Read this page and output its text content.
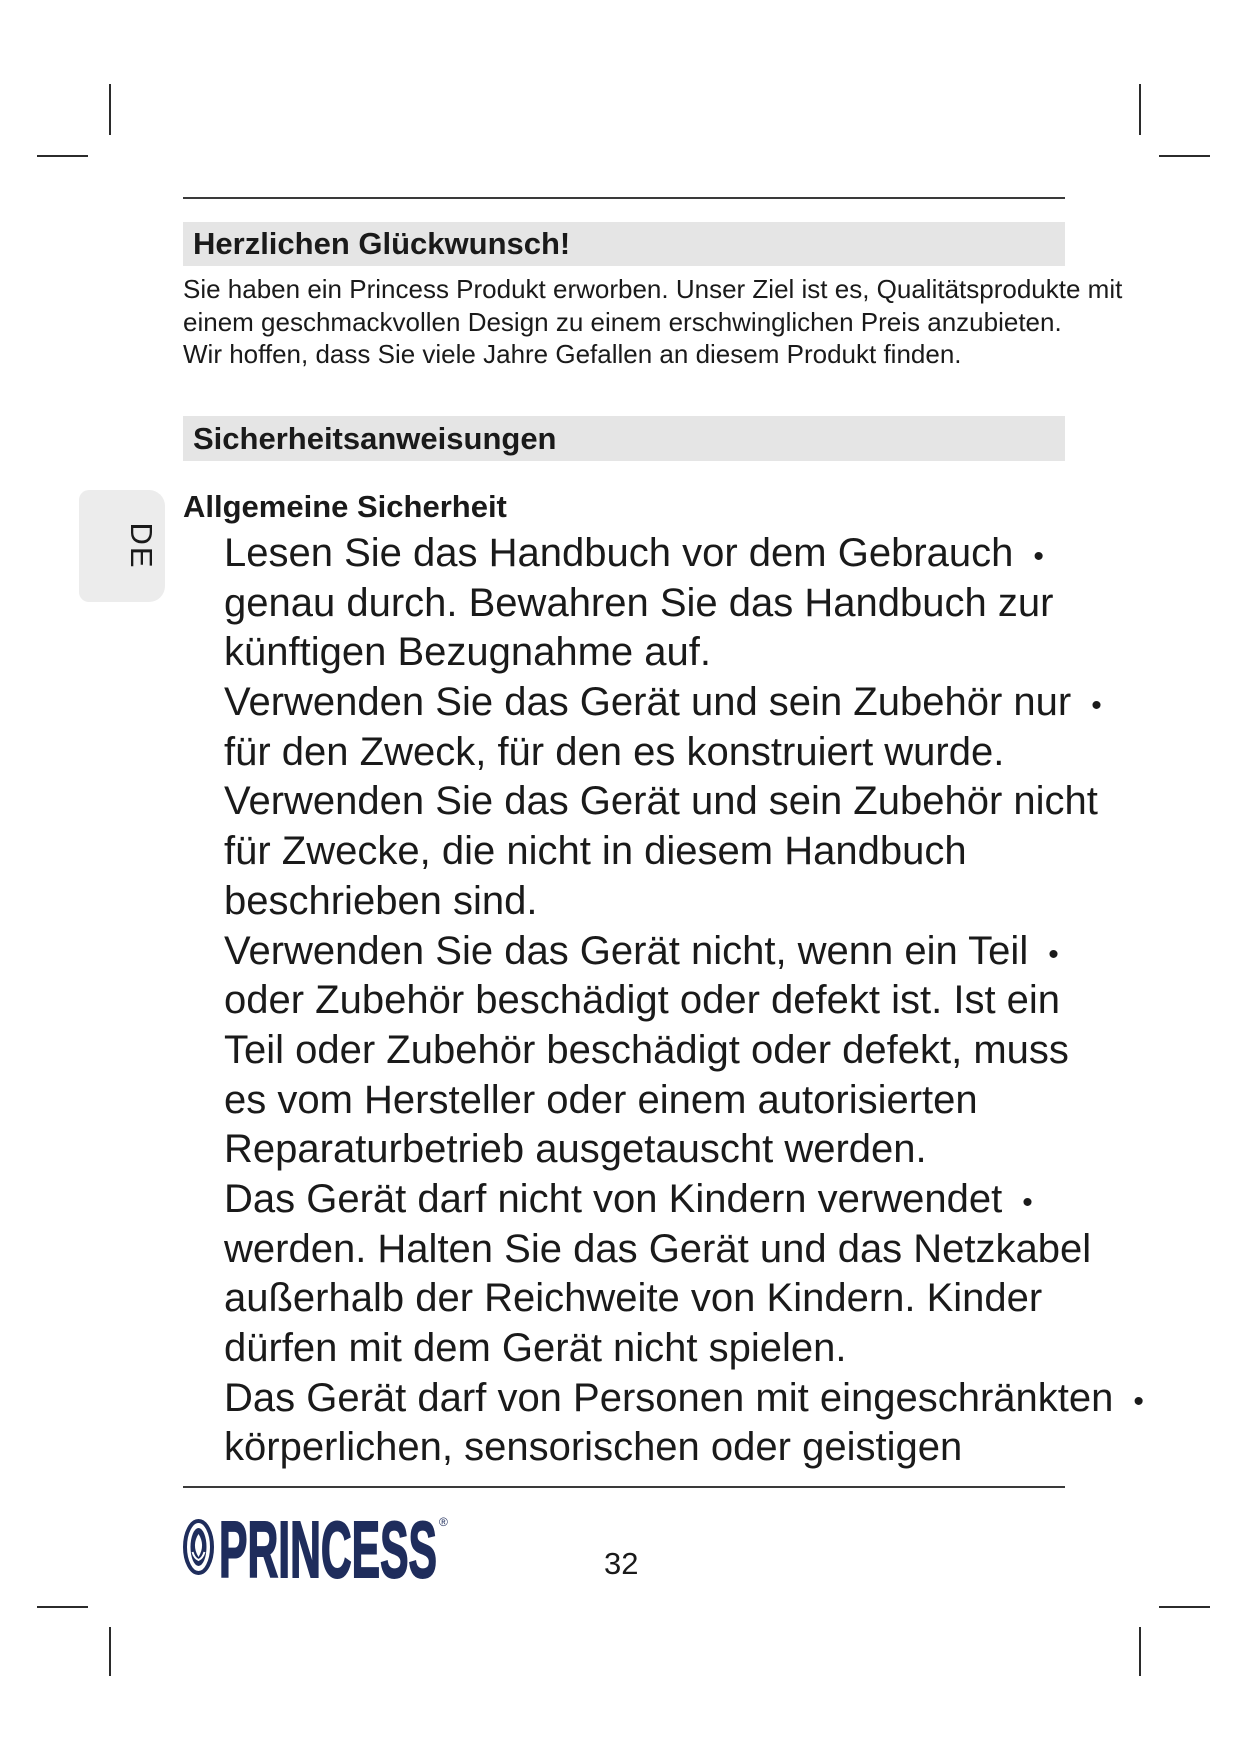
Herzlichen Glückwunsch!
Sie haben ein Princess Produkt erworben. Unser Ziel ist es, Qualitätsprodukte mit
einem geschmackvollen Design zu einem erschwinglichen Preis anzubieten.
Wir hoffen, dass Sie viele Jahre Gefallen an diesem Produkt finden.
Sicherheitsanweisungen
DE
Allgemeine Sicherheit
Lesen Sie das Handbuch vor dem Gebrauch •
genau durch. Bewahren Sie das Handbuch zur
künftigen Bezugnahme auf.
Verwenden Sie das Gerät und sein Zubehör nur •
für den Zweck, für den es konstruiert wurde.
Verwenden Sie das Gerät und sein Zubehör nicht
für Zwecke, die nicht in diesem Handbuch
beschrieben sind.
Verwenden Sie das Gerät nicht, wenn ein Teil •
oder Zubehör beschädigt oder defekt ist. Ist ein
Teil oder Zubehör beschädigt oder defekt, muss
es vom Hersteller oder einem autorisierten
Reparaturbetrieb ausgetauscht werden.
Das Gerät darf nicht von Kindern verwendet •
werden. Halten Sie das Gerät und das Netzkabel
außerhalb der Reichweite von Kindern. Kinder
dürfen mit dem Gerät nicht spielen.
Das Gerät darf von Personen mit eingeschränkten •
körperlichen, sensorischen oder geistigen
PRINCESS ®
32
